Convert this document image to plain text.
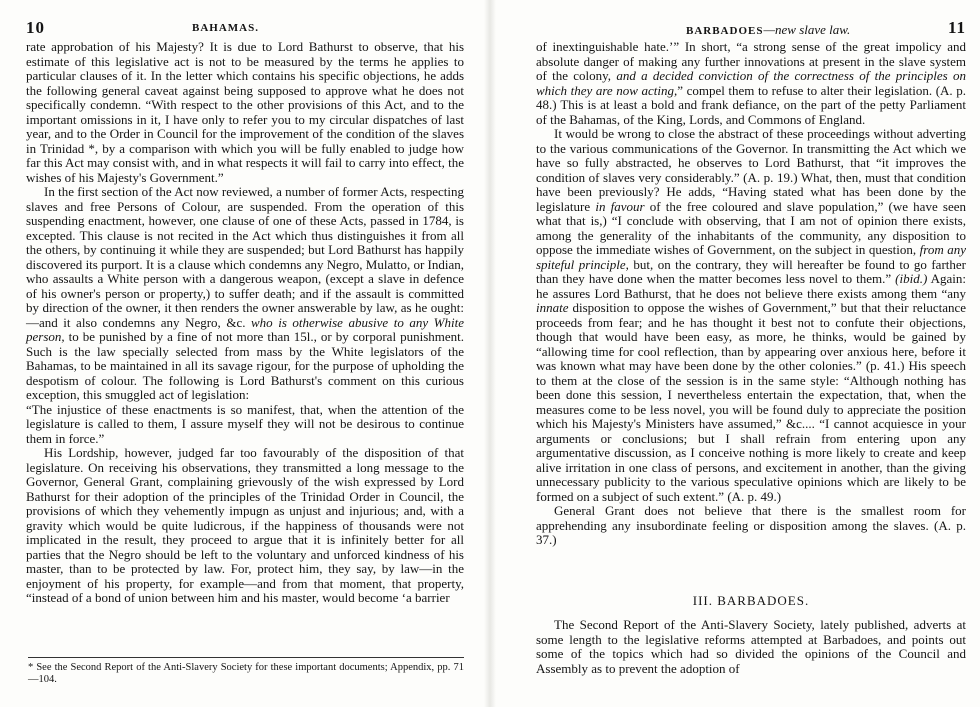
10	BAHAMAS.

rate approbation of his Majesty? It is due to Lord Bathurst to observe, that his estimate of this legislative act is not to be measured by the terms he applies to particular clauses of it. In the letter which contains his specific objections, he adds the following general caveat against being supposed to approve what he does not specifically condemn. “With respect to the other provisions of this Act, and to the important omissions in it, I have only to refer you to my circular dispatches of last year, and to the Order in Council for the improvement of the condition of the slaves in Trinidad *, by a comparison with which you will be fully enabled to judge how far this Act may consist with, and in what respects it will fail to carry into effect, the wishes of his Majesty's Government.”

In the first section of the Act now reviewed, a number of former Acts, respecting slaves and free Persons of Colour, are suspended. From the operation of this suspending enactment, however, one clause of one of these Acts, passed in 1784, is excepted. This clause is not recited in the Act which thus distinguishes it from all the others, by continuing it while they are suspended; but Lord Bathurst has happily discovered its purport. It is a clause which condemns any Negro, Mulatto, or Indian, who assaults a White person with a dangerous weapon, (except a slave in defence of his owner's person or property,) to suffer death; and if the assault is committed by direction of the owner, it then renders the owner answerable by law, as he ought:—and it also condemns any Negro, &c. who is otherwise abusive to any White person, to be punished by a fine of not more than 15l., or by corporal punishment. Such is the law specially selected from mass by the White legislators of the Bahamas, to be maintained in all its savage rigour, for the purpose of upholding the despotism of colour. The following is Lord Bathurst's comment on this curious exception, this smuggled act of legislation:

“The injustice of these enactments is so manifest, that, when the attention of the legislature is called to them, I assure myself they will not be desirous to continue them in force.”

His Lordship, however, judged far too favourably of the disposition of that legislature. On receiving his observations, they transmitted a long message to the Governor, General Grant, complaining grievously of the wish expressed by Lord Bathurst for their adoption of the principles of the Trinidad Order in Council, the provisions of which they vehemently impugn as unjust and injurious; and, with a gravity which would be quite ludicrous, if the happiness of thousands were not implicated in the result, they proceed to argue that it is infinitely better for all parties that the Negro should be left to the voluntary and unforced kindness of his master, than to be protected by law. For, protect him, they say, by law—in the enjoyment of his property, for example—and from that moment, that property, “instead of a bond of union between him and his master, would become ‘a barrier

* See the Second Report of the Anti-Slavery Society for these important documents; Appendix, pp. 71—104.
BARBADOES—new slave law.	11

of inextinguishable hate.’” In short, “a strong sense of the great impolicy and absolute danger of making any further innovations at present in the slave system of the colony, and a decided conviction of the correctness of the principles on which they are now acting,” compel them to refuse to alter their legislation. (A. p. 48.) This is at least a bold and frank defiance, on the part of the petty Parliament of the Bahamas, of the King, Lords, and Commons of England.

It would be wrong to close the abstract of these proceedings without adverting to the various communications of the Governor. In transmitting the Act which we have so fully abstracted, he observes to Lord Bathurst, that “it improves the condition of slaves very considerably.” (A. p. 19.) What, then, must that condition have been previously? He adds, “Having stated what has been done by the legislature in favour of the free coloured and slave population,” (we have seen what that is,) “I conclude with observing, that I am not of opinion there exists, among the generality of the inhabitants of the community, any disposition to oppose the immediate wishes of Government, on the subject in question, from any spiteful principle, but, on the contrary, they will hereafter be found to go farther than they have done when the matter becomes less novel to them.” (ibid.) Again: he assures Lord Bathurst, that he does not believe there exists among them “any innate disposition to oppose the wishes of Government,” but that their reluctance proceeds from fear; and he has thought it best not to confute their objections, though that would have been easy, as more, he thinks, would be gained by “allowing time for cool reflection, than by appearing over anxious here, before it was known what may have been done by the other colonies.” (p. 41.) His speech to them at the close of the session is in the same style: “Although nothing has been done this session, I nevertheless entertain the expectation, that, when the measures come to be less novel, you will be found duly to appreciate the position which his Majesty's Ministers have assumed,” &c.... “I cannot acquiesce in your arguments or conclusions; but I shall refrain from entering upon any argumentative discussion, as I conceive nothing is more likely to create and keep alive irritation in one class of persons, and excitement in another, than the giving unnecessary publicity to the various speculative opinions which are likely to be formed on a subject of such extent.” (A. p. 49.)

General Grant does not believe that there is the smallest room for apprehending any insubordinate feeling or disposition among the slaves. (A. p. 37.)

III. BARBADOES.

The Second Report of the Anti-Slavery Society, lately published, adverts at some length to the legislative reforms attempted at Barbadoes, and points out some of the topics which had so divided the opinions of the Council and Assembly as to prevent the adoption of
